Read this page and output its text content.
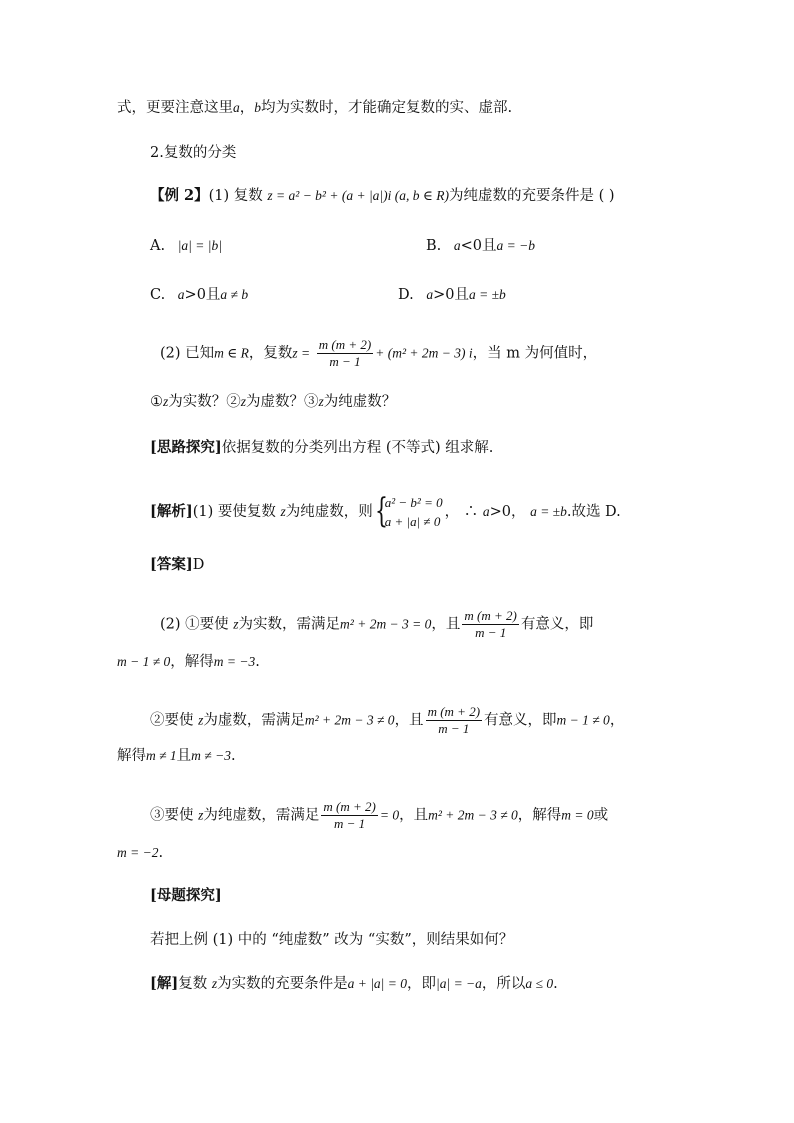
式，更要注意这里a，b均为实数时，才能确定复数的实、虚部.
2.复数的分类
【例 2】(1) 复数 z = a² − b² + (a + |a|)i (a, b ∈ R)为纯虚数的充要条件是 ( )
A. |a| = |b|	B. a<0且a = −b
C. a>0且a ≠ b	D. a>0且a = ±b
(2) 已知m ∈ R，复数$z = \frac{m (m + 2)}{m - 1} + (m^2 + 2m - 3)$ i，当 m 为何值时，
①z为实数？②z为虚数？③z为纯虚数？
[思路探究]依据复数的分类列出方程 (不等式) 组求解.
[解析](1) 要使复数 z为纯虚数，则 {
a² − b² = 0
a + |a| ≠ 0
， ∴ a>0， a = ±b.故选 D.
[答案]D
(2) ①要使 z为实数，需满足m² + 2m − 3 = 0，且 $\frac{m (m + 2)}{m - 1}$ 有意义，即
m − 1 ≠ 0，解得m = −3.
②要使 z为虚数，需满足m² + 2m − 3 ≠ 0，且 $\frac{m (m + 2)}{m - 1}$ 有意义，即m − 1 ≠ 0，
解得m ≠ 1且m ≠ −3.
③要使 z为纯虚数，需满足 $\frac{m (m + 2)}{m - 1} = 0$，且m² + 2m − 3 ≠ 0，解得m = 0或
m = −2.
[母题探究]
若把上例 (1) 中的 “纯虚数” 改为 “实数”，则结果如何？
[解]复数 z为实数的充要条件是a + |a| = 0，即|a| = −a，所以a ≤ 0.
